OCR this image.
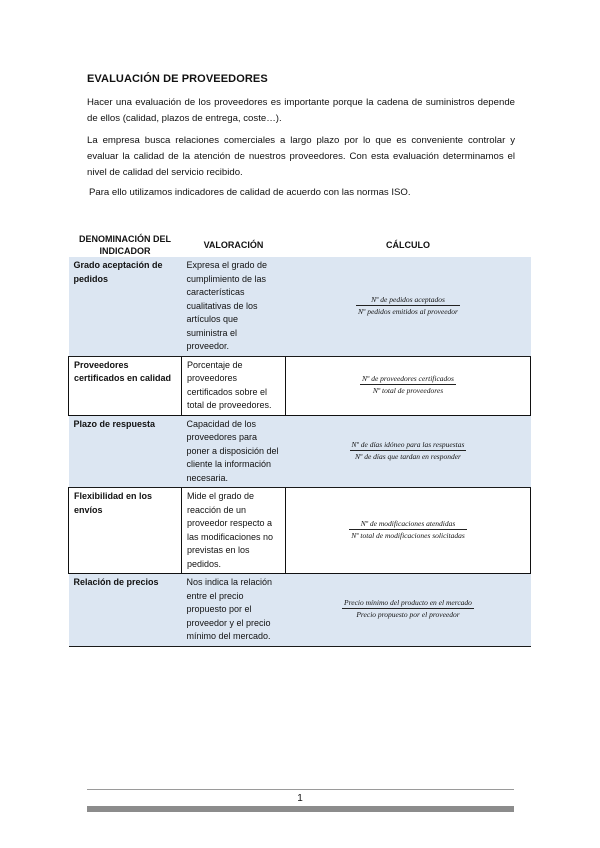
EVALUACIÓN DE PROVEEDORES

Hacer una evaluación de los proveedores es importante porque la cadena de suministros depende de ellos (calidad, plazos de entrega, coste…).

La empresa busca relaciones comerciales a largo plazo por lo que es conveniente controlar y evaluar la calidad de la atención de nuestros proveedores. Con esta evaluación determinamos el nivel de calidad del servicio recibido.

Para ello utilizamos indicadores de calidad de acuerdo con las normas ISO.

DENOMINACIÓN DEL INDICADOR	VALORACIÓN	CÁLCULO
Grado aceptación de pedidos	Expresa el grado de cumplimiento de las características cualitativas de los artículos que suministra el proveedor.	$\frac{\text{Nº de pedidos aceptados}}{\text{Nº pedidos emitidos al proveedor}}$

Proveedores certificados en calidad	Porcentaje de proveedores certificados sobre el total de proveedores.	$\frac{\text{Nº de proveedores certificados}}{\text{Nº total de proveedores}}$

Plazo de respuesta	Capacidad de los proveedores para poner a disposición del cliente la información necesaria.	$\frac{\text{Nº de días idóneo para las respuestas}}{\text{Nº de días que tardan en responder}}$

Flexibilidad en los envíos	Mide el grado de reacción de un proveedor respecto a las modificaciones no previstas en los pedidos.	$\frac{\text{Nº de modificaciones atendidas}}{\text{Nº total de modificaciones solicitadas}}$

Relación de precios	Nos indica la relación entre el precio propuesto por el proveedor y el precio mínimo del mercado.	$\frac{\text{Precio mínimo del producto en el mercado}}{\text{Precio propuesto por el proveedor}}$
1
